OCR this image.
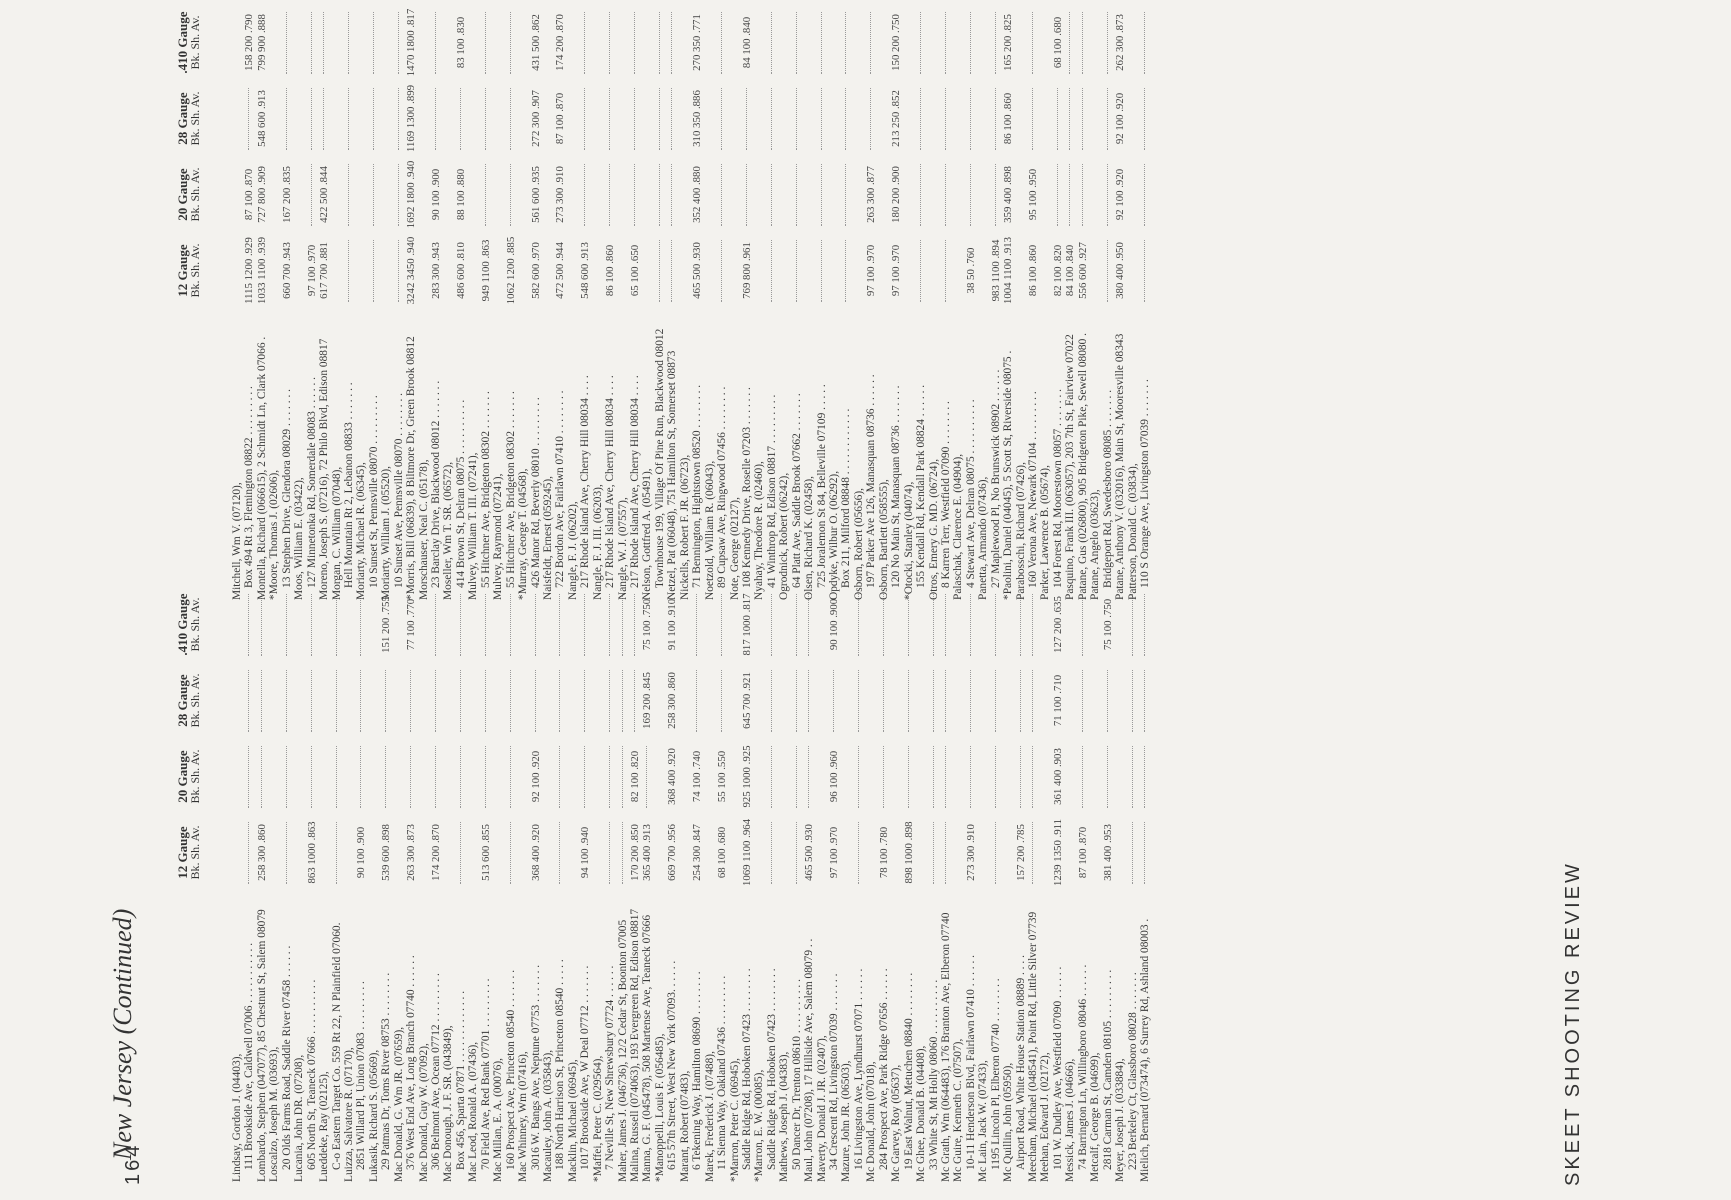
164
New Jersey (Continued)	SKEET SHOOTING REVIEW
12 Gauge
Bk. Sh. Av.
20 Gauge
Bk. Sh. Av.
28 Gauge
Bk. Sh. Av.
.410 Gauge
Bk. Sh. Av.
Lindsay, Gordon J. (04403), 111 Brookside Ave, Caldwell 07006 . . . . . . . . . . . Lombardo, Stephen (047077), 85 Chestnut St, Salem 08079
258 300 .860
Loscalzo, Joseph M. (03693), 20 Olds Farms Road, Saddle River 07458 . . . . . . Lucania, John DR. (07208), 605 North St, Teaneck 07666 . . . . . . . . . .
863 1000 .863
Lueddeke, Ray (02125), C-o Eastern Target Co. 559 Rt 22, N Plainfield 07060. Luizza, Salvatore R. (07170), 2851 Willard Pl, Union 07083 . . . . . . . . .
90 100 .900
Lukasik, Richard S. (05669), 29 Patmas Dr, Toms River 08753 . . . . . . . .
539 600 .898
151 200 .755
Mac Donald, G. Wm JR. (07659), 376 West End Ave, Long Branch 07740 . . . . . .
263 300 .873
77 100 .770
Mac Donald, Guy W. (07092), 306 Belmont Ave, Ocean 07712 . . . . . . . . .
174 200 .870
Mac Donough, J. F. SR. (043849), Box 456, Sparta 07871 . . . . . . . . . . . . . Mac Leod, Ronald A. (07436), 70 Field Ave, Red Bank 07701 . . . . . . . . .
513 600 .855
Mac Millan, E. A. (00076), 160 Prospect Ave, Princeton 08540 . . . . . . . Mac Whinney, Wm (07416), 3016 W. Bangs Ave, Neptune 07753 . . . . . . .
368 400 .920
92 100 .920
Macauley, John A. (035843), 188 North Harrison St, Princeton 08540 . . . . . Macklin, Michael (06945), 1017 Brookside Ave, W Deal 07712 . . . . . . .
94 100 .940
*Maffei, Peter C. (029564), 7 Neville St, New Shrewsbury 07724 . . . . . . Maher, James J. (046736), 12/2 Cedar St, Boonton 07005 Malina, Russell (074063), 193 Evergreen Rd, Edison 08817
170 200 .850
82 100 .820
Manna, G. F. (045478), 508 Martense Ave, Teaneck 07666
365 400 .913
169 200 .845
75 100 .750
*Manoppelli, Louis F. (056485), 615 57th Street, West New York 07093. . . . . .
669 700 .956
368 400 .920
258 300 .860
91 100 .910
Marant, Robert (07483), 6 Tekening Way, Hamilton 08690 . . . . . . . .
254 300 .847
74 100 .740
Marek, Frederick J. (07488), 11 Sienna Way, Oakland 07436 . . . . . . . . .
68 100 .680
55 100 .550
*Marron, Peter C. (06945), Saddle Ridge Rd, Hoboken 07423 . . . . . . . .
1069 1100 .964
925 1000 .925
645 700 .921
817 1000 .817
*Marron, E. W. (00085), Saddle Ridge Rd, Hoboken 07423 . . . . . . . . Mathews, Joseph J. (04383), 50 Dancer Dr, Trenton 08610 . . . . . . . . . . Maul, John (07208), 17 Hillside Ave, Salem 08079 . .
465 500 .930
Maverty, Donald J. JR. (02407), 34 Crescent Rd, Livingston 07039 . . . . . . .
97 100 .970
96 100 .960
90 100 .900
Mazure, John JR. (06503), 16 Livingston Ave, Lyndhurst 07071 . . . . . . Mc Donald, John (07018), 284 Prospect Ave, Park Ridge 07656 . . . . . .
78 100 .780
Mc Garvey, Roy (05637), 19 East Walnut, Metuchen 08840 . . . . . . . .
898 1000 .898
Mc Ghee, Donald B. (04408), 33 White St, Mt Holly 08060 . . . . . . . . . . Mc Grath, Wm (064483), 176 Branton Ave, Elberon 07740 Mc Guire, Kenneth C. (07507), 10-11 Henderson Blvd, Fairlawn 07410 . . . . . .
273 300 .910
Mc Lain, Jack W. (07433), 1195 Lincoln Pl, Elberon 07740 . . . . . . . . Mc Quillin, John (05950), Airport Road, White House Station 08889 . . . .
157 200 .785
Meecham, Michael (048541), Point Rd, Little Silver 07739 Meehan, Edward J. (02172), 101 W. Dudley Ave, Westfield 07090 . . . . . .
1239 1350 .911
361 400 .903
71 100 .710
127 200 .635
Messick, James J. (04666), 74 Barrington Ln, Willingboro 08046 . . . . . .
87 100 .870
Metcalf, George B. (04699), 2818 Carman St, Camden 08105 . . . . . . . . .
381 400 .953
75 100 .750
Meyer, Joseph J. (033884), 223 Berkeley Ct, Glassboro 08028 . . . . . . . Mielich, Bernard (073474), 6 Surrey Rd, Ashland 08003 .
12 Gauge
Bk. Sh. Av.
20 Gauge
Bk. Sh. Av.
28 Gauge
Bk. Sh. Av.
.410 Gauge
Bk. Sh. Av.
Mitchell, Wm V. (07120), Box 494 Rt 3, Flemington 08822 . . . . . . . . .
1115 1200 .929
87 100 .870
158 200 .790
Montella, Richard (066615), 2 Schmidt Ln, Clark 07066 .
1033 1100 .939
727 800 .909
548 600 .913
799 900 .888
*Moore, Thomas J. (02606), 13 Stephen Drive, Glendora 08029 . . . . . . .
660 700 .943
167 200 .835
Moos, William E. (03422), 127 Minnetonka Rd, Somerdale 08083 . . . . . .
97 100 .970
Moreno, Joseph S. (07216), 72 Philo Blvd, Edison 08817
617 700 .881
422 500 .844
Morgan, C. William (07048), Hell Mountain Rt 2, Lebanon 08833 . . . . . . . Moriarty, Michael R. (06345), 10 Sunset St, Pennsville 08070 . . . . . . . . . Moriarty, William J. (05520), 10 Sunset Ave, Pennsville 08070 . . . . . . . . *Morris, Bill (06839), 8 Biltmore Dr, Green Brook 08812
3242 3450 .940
1692 1800 .940
1169 1300 .899
1470 1800 .817
Morschauser, Neal C. (05178), 23 Barclay Drive, Blackwood 08012 . . . . . . .
283 300 .943
90 100 .900
Moseller, Wm T. SR. (06572), 414 Brown St, Delran 08075 . . . . . . . . . .
486 600 .810
88 100 .880
83 100 .830
Mulvey, William T. III. (07241), 55 Hitchner Ave, Bridgeton 08302 . . . . . . .
949 1100 .863
Mulvey, Raymond (07241), 55 Hitchner Ave, Bridgeton 08302 . . . . . . .
1062 1200 .885
*Murray, George T. (04568), 426 Manor Rd, Beverly 08010 . . . . . . . . .
582 600 .970
561 600 .935
272 300 .907
431 500 .862
Naisfeldt, Ernest (059245), 722 Bordon Ave, Fairlawn 07410 . . . . . . . .
472 500 .944
273 300 .910
87 100 .870
174 200 .870
Nangle, F. J. (06202), 217 Rhode Island Ave, Cherry Hill 08034 . . . .
548 600 .913
Nangle, F. J. III. (06203), 217 Rhode Island Ave, Cherry Hill 08034 . . . .
86 100 .860
Nangle, W. J. (07557), 217 Rhode Island Ave, Cherry Hill 08034 . . . .
65 100 .650
Nelson, Gottfred A. (05491), Townhouse 199, Village Of Pine Run, Blackwood 08012 Netzel, Pat (06048), 751 Hamilton St, Somerset 08873 Nickells, Robert F. JR. (06723), 71 Bennington, Hightstown 08520 . . . . . . . .
465 500 .930
352 400 .880
310 350 .886
270 350 .771
Noetzold, William R. (06043), 89 Cupsaw Ave, Ringwood 07456 . . . . . . . . Note, George (02127), 108 Kennedy Drive, Roselle 07203 . . . . . . .
769 800 .961
84 100 .840
Nyahay, Theodore R. (02460), 41 Winthrop Rd, Edison 08817 . . . . . . . . . Ogrodnick, Robert (06242), 64 Platt Ave, Saddle Brook 07662 . . . . . . . Olsen, Richard K. (02458), 725 Joralemon St 84, Belleville 07109 . . . . . Opdyke, Wilbur O. (06292), Box 211, Milford 08848 . . . . . . . . . . . . Osborn, Robert (05656), 197 Parker Ave 126, Manasquan 08736 . . . . . .
97 100 .970
263 300 .877
Osborn, Bartlett (058555), 120 No Main St, Manasquan 08736 . . . . . . .
97 100 .970
180 200 .900
213 250 .852
150 200 .750
*Otocki, Stanley (04074), 155 Kendall Rd, Kendall Park 08824 . . . . . . Otros, Emery G. MD. (06724), 8 Karren Terr, Westfield 07090 . . . . . . . . Palaschak, Clarence E. (04904), 4 Stewart Ave, Delran 08075 . . . . . . . . . .
38 50 .760
Panetta, Armando (07436), 27 Maplewood Pl, No Brunswick 08902 . . . . . .
983 1100 .894
*Paolini, Daniel (04045), 5 Scott St, Riverside 08075 .
1004 1100 .913
359 400 .898
86 100 .860
165 200 .825
Parabosschi, Richard (07426), 160 Verona Ave, Newark 07104 . . . . . . . . .
86 100 .860
95 100 .950
Parker, Lawrence B. (05674), 104 Forest Rd, Moorestown 08057 . . . . . . .
82 100 .820
68 100 .680
Pasquino, Frank III. (063057), 203 7th St, Fairview 07022
84 100 .840
Patane, Gus (026800), 905 Bridgeton Pike, Sewell 08080 .
556 600 .927
Patane, Angelo (03623), Bridgeport Rd, Swedesboro 08085 . . . . . . . Patane, Anthony V. (032016), Main St, Mooresville 08343
380 400 .950
92 100 .920
92 100 .920
262 300 .873
Patterson, Donald C. (03834), 110 S Orange Ave, Livingston 07039 . . . . . . .
